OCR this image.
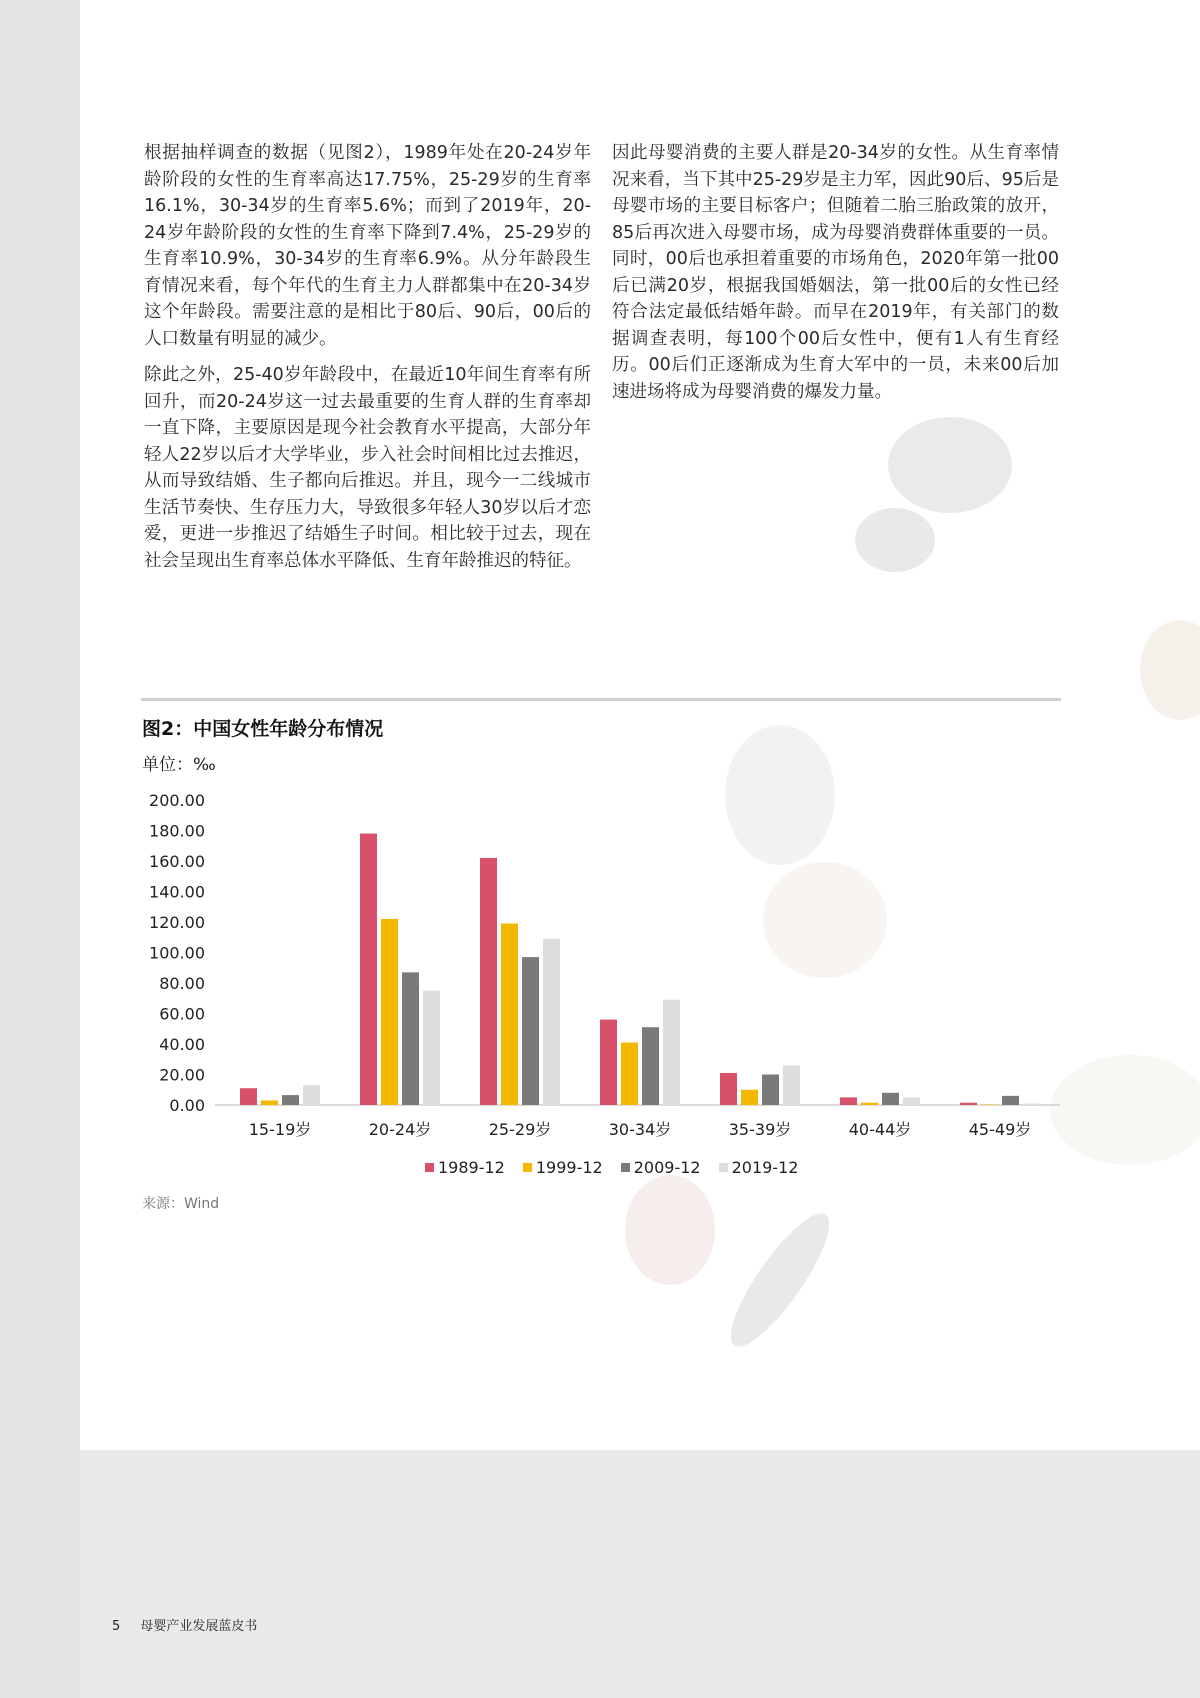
根据抽样调查的数据（见图2），1989年处在20-24岁年龄阶段的女性的生育率高达17.75%，25-29岁的生育率16.1%，30-34岁的生育率5.6%；而到了2019年，20-24岁年龄阶段的女性的生育率下降到7.4%，25-29岁的生育率10.9%，30-34岁的生育率6.9%。从分年龄段生育情况来看，每个年代的生育主力人群都集中在20-34岁这个年龄段。需要注意的是相比于80后、90后，00后的人口数量有明显的减少。

除此之外，25-40岁年龄段中，在最近10年间生育率有所回升，而20-24岁这一过去最重要的生育人群的生育率却一直下降，主要原因是现今社会教育水平提高，大部分年轻人22岁以后才大学毕业，步入社会时间相比过去推迟，从而导致结婚、生子都向后推迟。并且，现今一二线城市生活节奏快、生存压力大，导致很多年轻人30岁以后才恋爱，更进一步推迟了结婚生子时间。相比较于过去，现在社会呈现出生育率总体水平降低、生育年龄推迟的特征。

因此母婴消费的主要人群是20-34岁的女性。从生育率情况来看，当下其中25-29岁是主力军，因此90后、95后是母婴市场的主要目标客户；但随着二胎三胎政策的放开，85后再次进入母婴市场，成为母婴消费群体重要的一员。同时，00后也承担着重要的市场角色，2020年第一批00后已满20岁，根据我国婚姻法，第一批00后的女性已经符合法定最低结婚年龄。而早在2019年，有关部门的数据调查表明，每100个00后女性中，便有1人有生育经历。00后们正逐渐成为生育大军中的一员，未来00后加速进场将成为母婴消费的爆发力量。

图2：中国女性年龄分布情况
单位：‰
0.00
20.00
40.00
60.00
80.00
100.00
120.00
140.00
160.00
180.00
200.00
15-19岁	20-24岁	25-29岁	30-34岁	35-39岁	40-44岁	45-49岁
1989-12 1999-12 2009-12 2019-12
来源：Wind
5 母婴产业发展蓝皮书
